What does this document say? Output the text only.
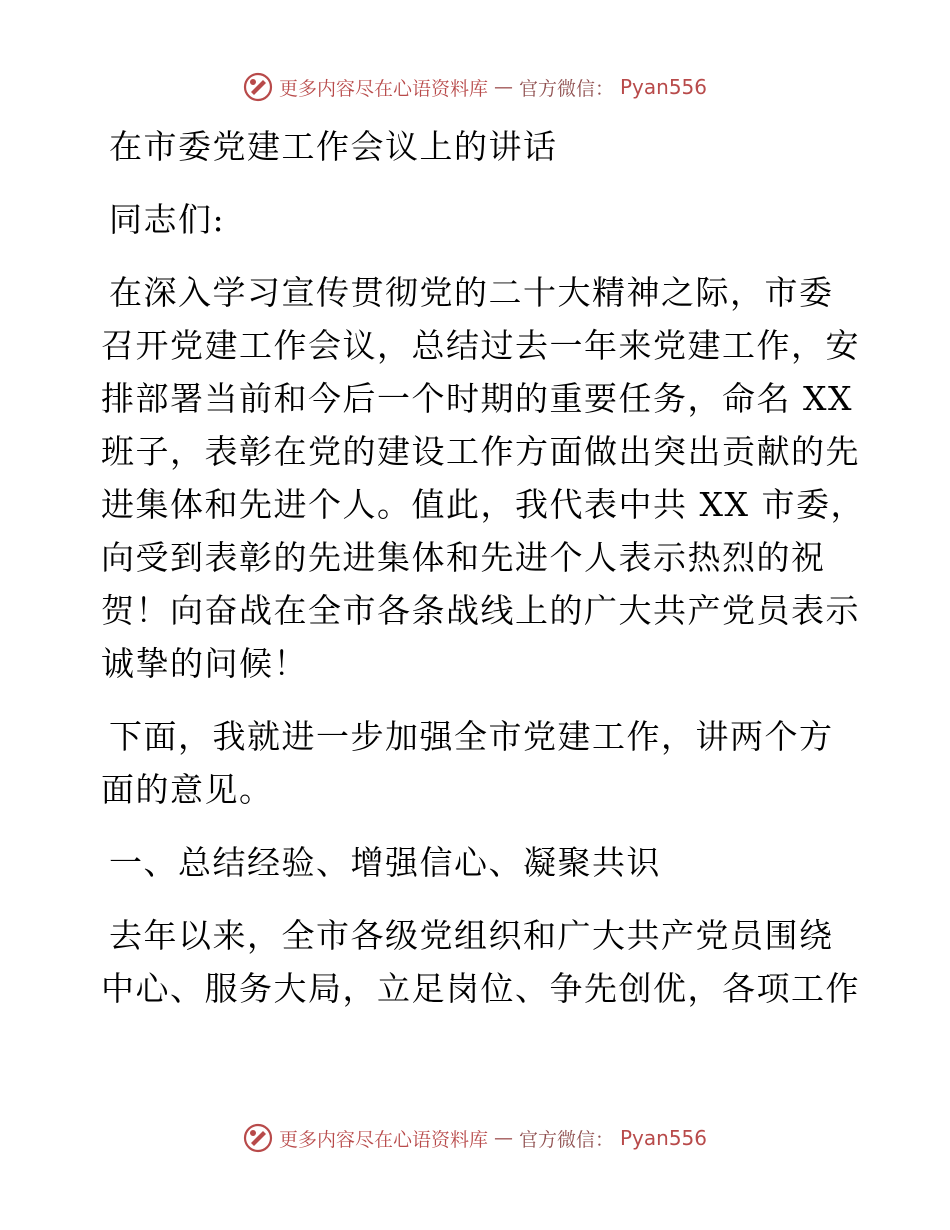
更多内容尽在心语资料库 — 官方微信： Pyan556
在市委党建工作会议上的讲话
同志们:
在深入学习宣传贯彻党的二十大精神之际，市委
召开党建工作会议，总结过去一年来党建工作，安
排部署当前和今后一个时期的重要任务，命名 XX
班子，表彰在党的建设工作方面做出突出贡献的先
进集体和先进个人。值此，我代表中共 XX 市委，
向受到表彰的先进集体和先进个人表示热烈的祝
贺！向奋战在全市各条战线上的广大共产党员表示
诚挚的问候！
下面，我就进一步加强全市党建工作，讲两个方
面的意见。
一、总结经验、增强信心、凝聚共识
去年以来，全市各级党组织和广大共产党员围绕
中心、服务大局，立足岗位、争先创优，各项工作
更多内容尽在心语资料库 — 官方微信： Pyan556
